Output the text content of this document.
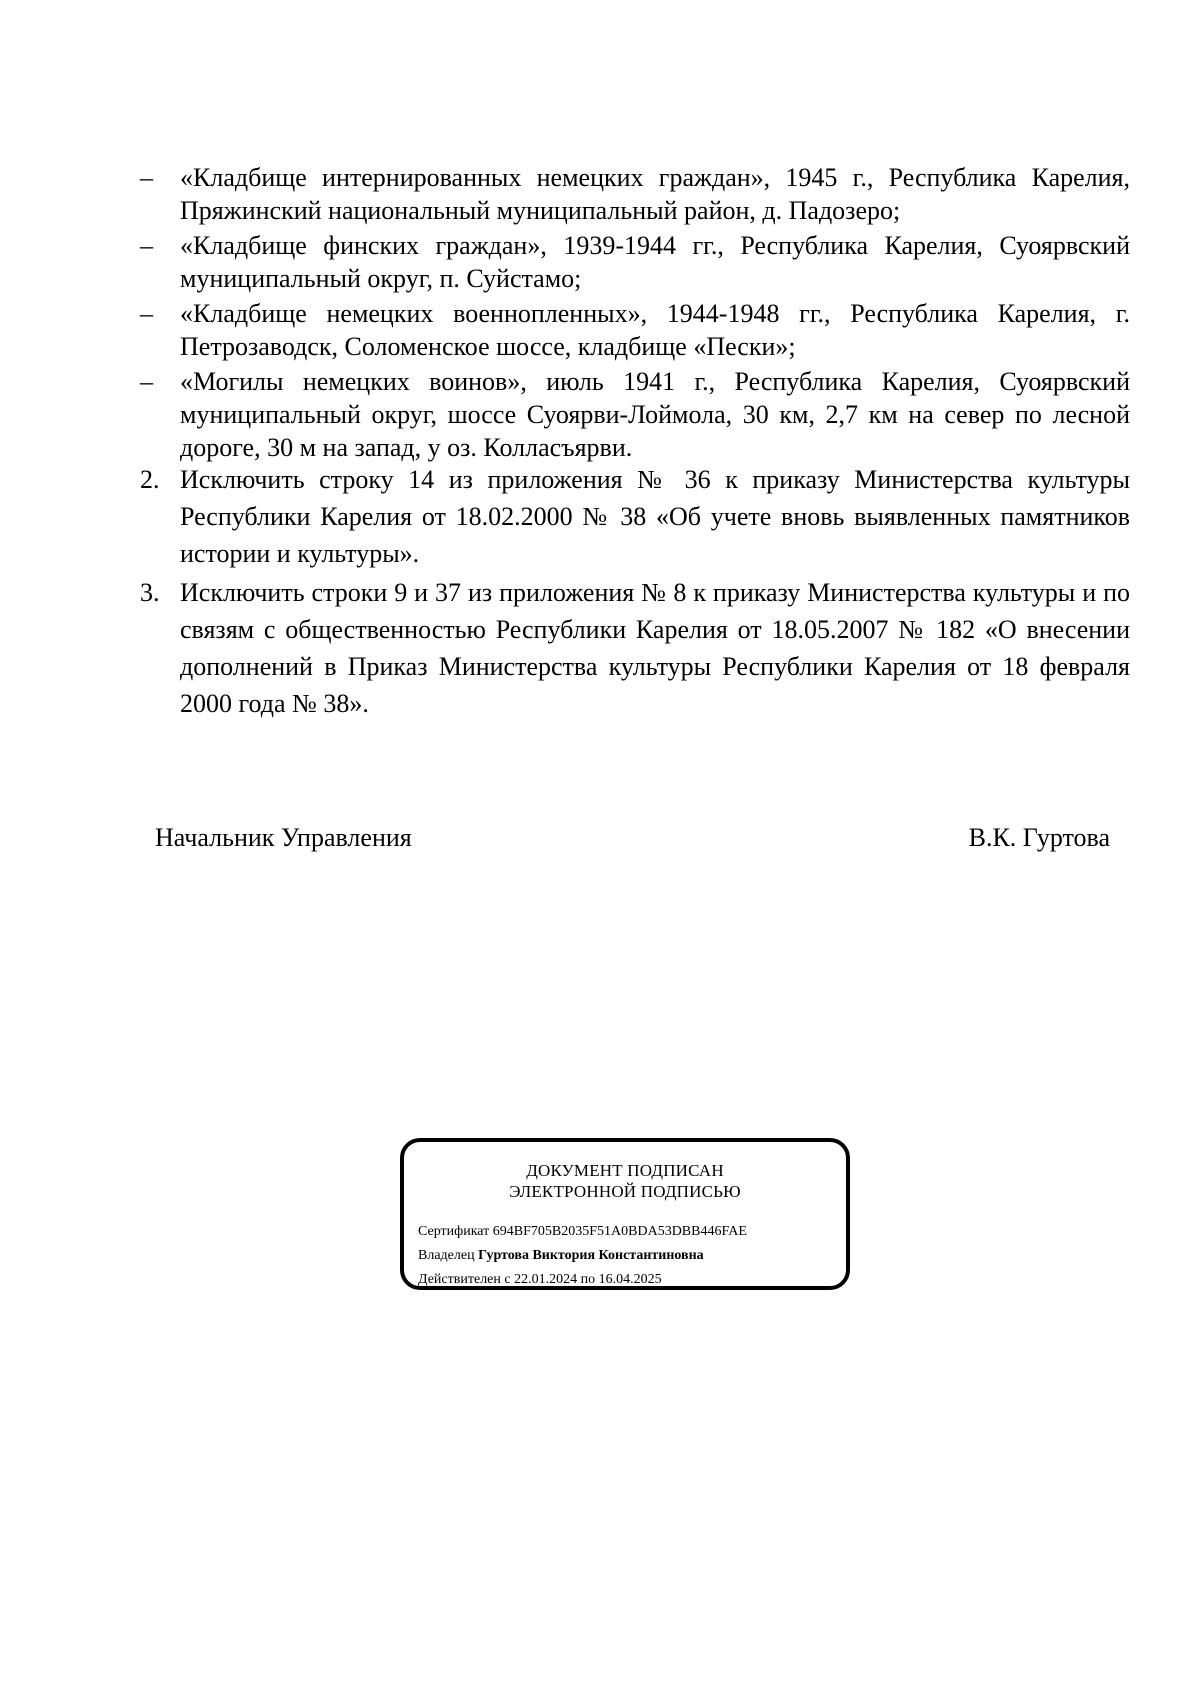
–	«Кладбище интернированных немецких граждан», 1945 г., Республика Карелия, Пряжинский национальный муниципальный район, д. Падозеро;
–	«Кладбище финских граждан», 1939-1944 гг., Республика Карелия, Суоярвский муниципальный округ, п. Суйстамо;
–	«Кладбище немецких военнопленных», 1944-1948 гг., Республика Карелия, г. Петрозаводск, Соломенское шоссе, кладбище «Пески»;
–	«Могилы немецких воинов», июль 1941 г., Республика Карелия, Суоярвский муниципальный округ, шоссе Суоярви-Лоймола, 30 км, 2,7 км на север по лесной дороге, 30 м на запад, у оз. Колласъярви.
2. Исключить строку 14 из приложения № 36 к приказу Министерства культуры Республики Карелия от 18.02.2000 № 38 «Об учете вновь выявленных памятников истории и культуры».
3. Исключить строки 9 и 37 из приложения № 8 к приказу Министерства культуры и по связям с общественностью Республики Карелия от 18.05.2007 № 182 «О внесении дополнений в Приказ Министерства культуры Республики Карелия от 18 февраля 2000 года № 38».
Начальник Управления	В.К. Гуртова
ДОКУМЕНТ ПОДПИСАН
ЭЛЕКТРОННОЙ ПОДПИСЬЮ
Сертификат 694BF705B2035F51A0BDA53DBB446FAE
Владелец Гуртова Виктория Константиновна
Действителен с 22.01.2024 по 16.04.2025
